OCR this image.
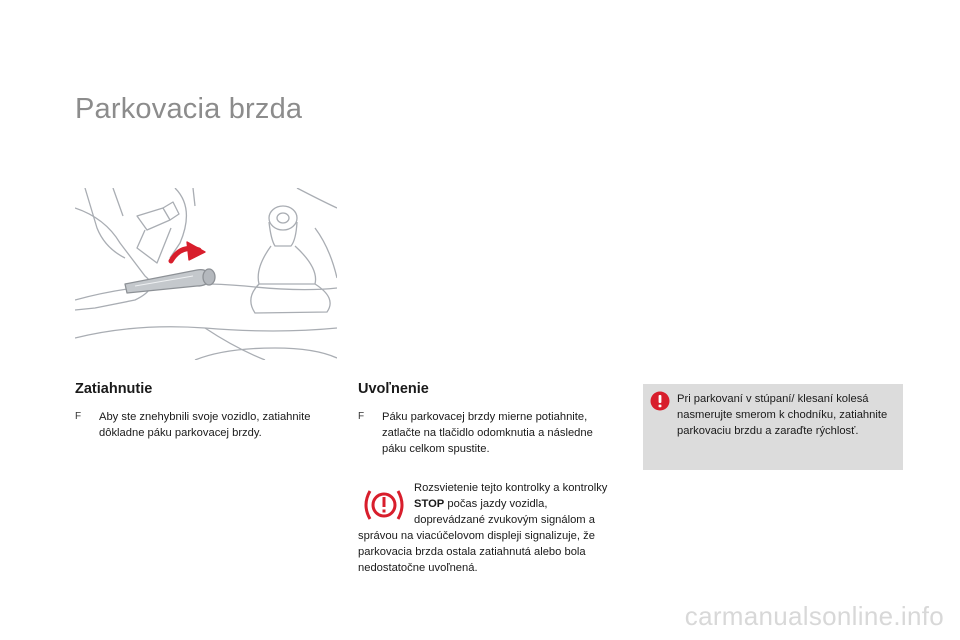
Parkovacia brzda
Zatiahnutie
F	Aby ste znehybnili svoje vozidlo, zatiahnite dôkladne páku parkovacej brzdy.
Uvoľnenie
F	Páku parkovacej brzdy mierne potiahnite, zatlačte na tlačidlo odomknutia a následne páku celkom spustite.

Rozsvietenie tejto kontrolky a kontrolky STOP počas jazdy vozidla, doprevádzané zvukovým signálom a správou na viacúčelovom displeji signalizuje, že parkovacia brzda ostala zatiahnutá alebo bola nedostatočne uvoľnená.

Pri parkovaní v stúpaní/ klesaní kolesá nasmerujte smerom k chodníku, zatiahnite parkovaciu brzdu a zaraďte rýchlosť.
carmanualsonline.info
